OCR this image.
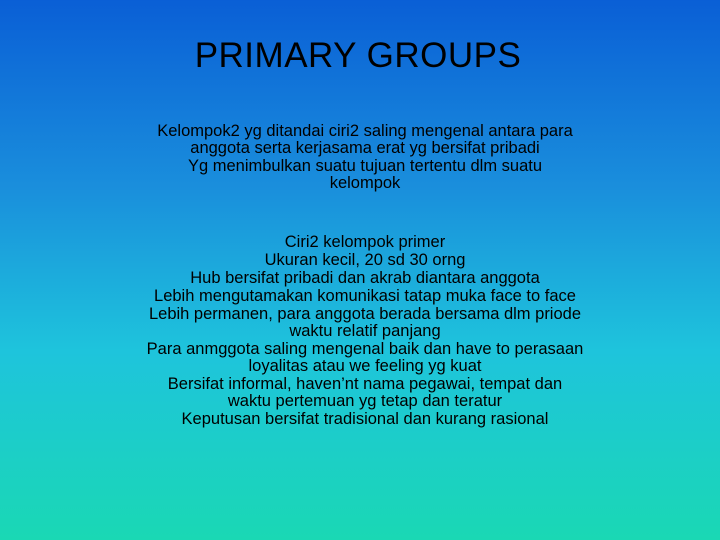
PRIMARY GROUPS
Kelompok2 yg ditandai ciri2 saling mengenal antara para
anggota serta kerjasama erat yg bersifat pribadi
Yg menimbulkan suatu tujuan tertentu dlm suatu
kelompok
Ciri2 kelompok primer
Ukuran kecil, 20 sd 30 orng
Hub bersifat pribadi dan akrab diantara anggota
Lebih mengutamakan komunikasi tatap muka face to face
Lebih permanen, para anggota berada bersama dlm priode
waktu relatif panjang
Para anmggota saling mengenal baik dan have to perasaan
loyalitas atau we feeling yg kuat
Bersifat informal, haven’nt nama pegawai, tempat dan
waktu pertemuan yg tetap dan teratur
Keputusan bersifat tradisional dan kurang rasional
